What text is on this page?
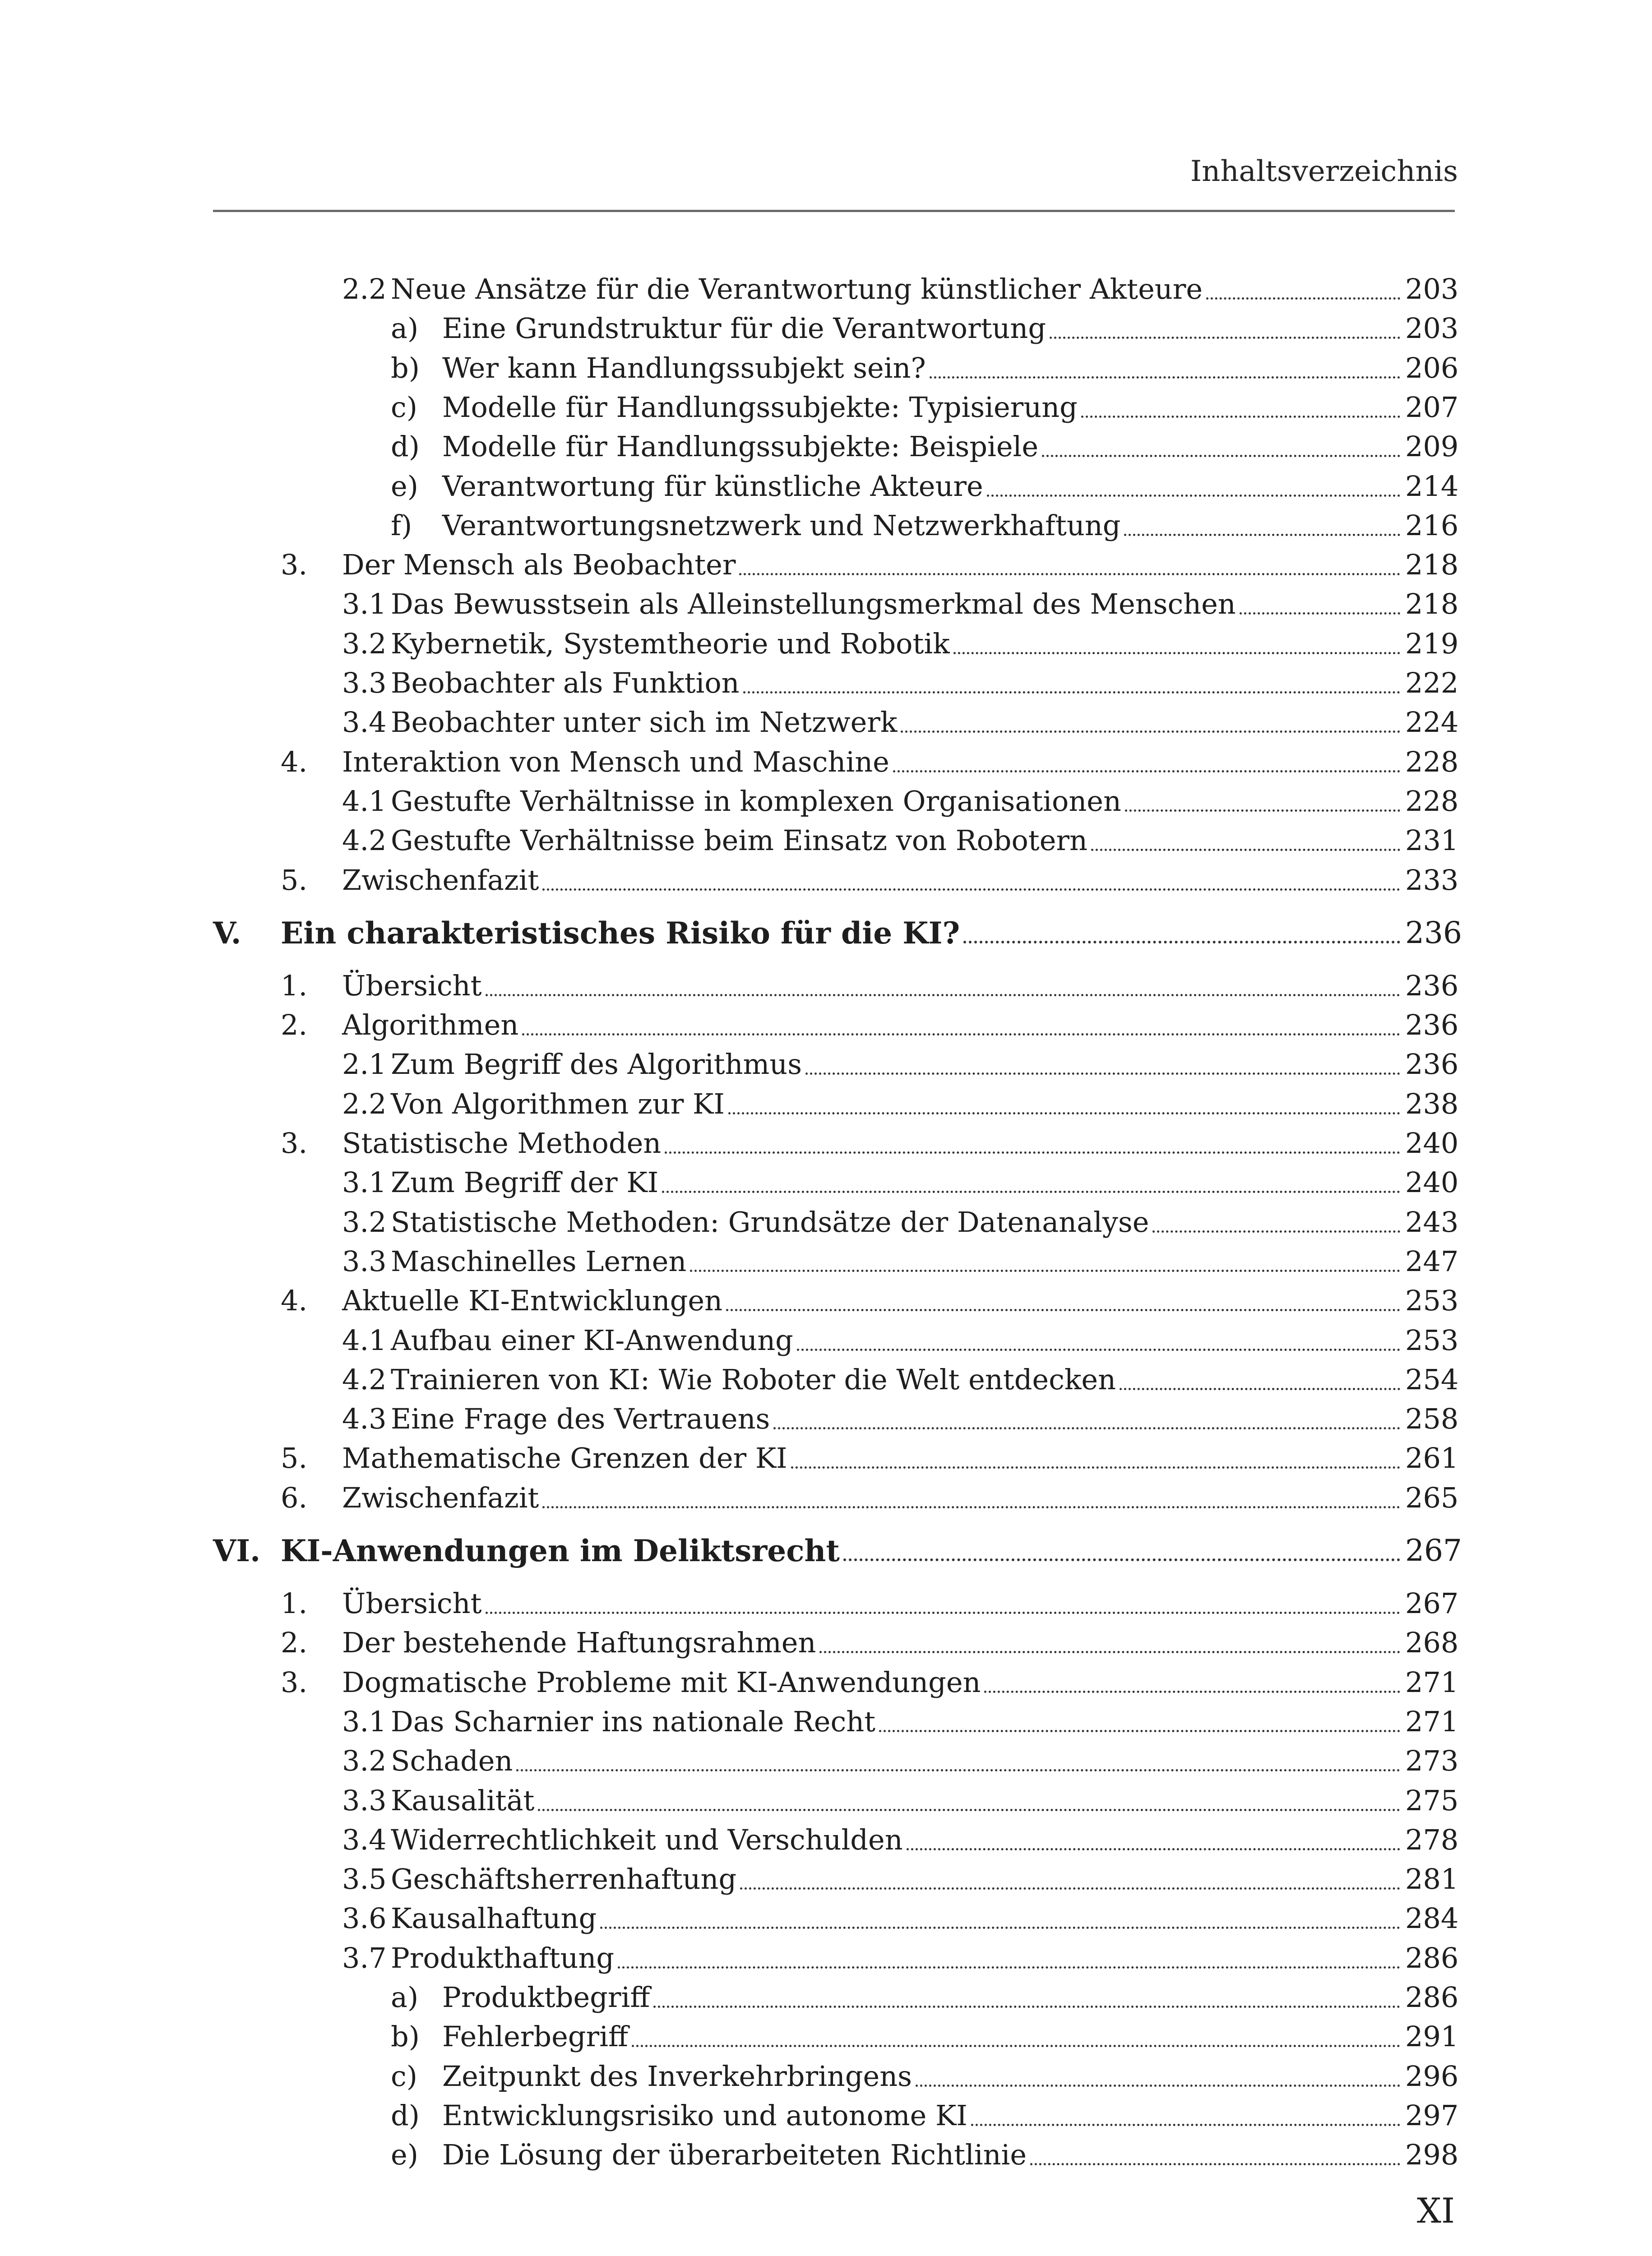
Inhaltsverzeichnis
2.2 Neue Ansätze für die Verantwortung künstlicher Akteure	203
a) Eine Grundstruktur für die Verantwortung	203
b) Wer kann Handlungssubjekt sein?	206
c) Modelle für Handlungssubjekte: Typisierung	207
d) Modelle für Handlungssubjekte: Beispiele	209
e) Verantwortung für künstliche Akteure	214
f) Verantwortungsnetzwerk und Netzwerkhaftung	216
3. Der Mensch als Beobachter	218
3.1 Das Bewusstsein als Alleinstellungsmerkmal des Menschen	218
3.2 Kybernetik, Systemtheorie und Robotik	219
3.3 Beobachter als Funktion	222
3.4 Beobachter unter sich im Netzwerk	224
4. Interaktion von Mensch und Maschine	228
4.1 Gestufte Verhältnisse in komplexen Organisationen	228
4.2 Gestufte Verhältnisse beim Einsatz von Robotern	231
5. Zwischenfazit	233
V. Ein charakteristisches Risiko für die KI?	236
1. Übersicht	236
2. Algorithmen	236
2.1 Zum Begriff des Algorithmus	236
2.2 Von Algorithmen zur KI	238
3. Statistische Methoden	240
3.1 Zum Begriff der KI	240
3.2 Statistische Methoden: Grundsätze der Datenanalyse	243
3.3 Maschinelles Lernen	247
4. Aktuelle KI-Entwicklungen	253
4.1 Aufbau einer KI-Anwendung	253
4.2 Trainieren von KI: Wie Roboter die Welt entdecken	254
4.3 Eine Frage des Vertrauens	258
5. Mathematische Grenzen der KI	261
6. Zwischenfazit	265
VI. KI-Anwendungen im Deliktsrecht	267
1. Übersicht	267
2. Der bestehende Haftungsrahmen	268
3. Dogmatische Probleme mit KI-Anwendungen	271
3.1 Das Scharnier ins nationale Recht	271
3.2 Schaden	273
3.3 Kausalität	275
3.4 Widerrechtlichkeit und Verschulden	278
3.5 Geschäftsherrenhaftung	281
3.6 Kausalhaftung	284
3.7 Produkthaftung	286
a) Produktbegriff	286
b) Fehlerbegriff	291
c) Zeitpunkt des Inverkehrbringens	296
d) Entwicklungsrisiko und autonome KI	297
e) Die Lösung der überarbeiteten Richtlinie	298
XI
